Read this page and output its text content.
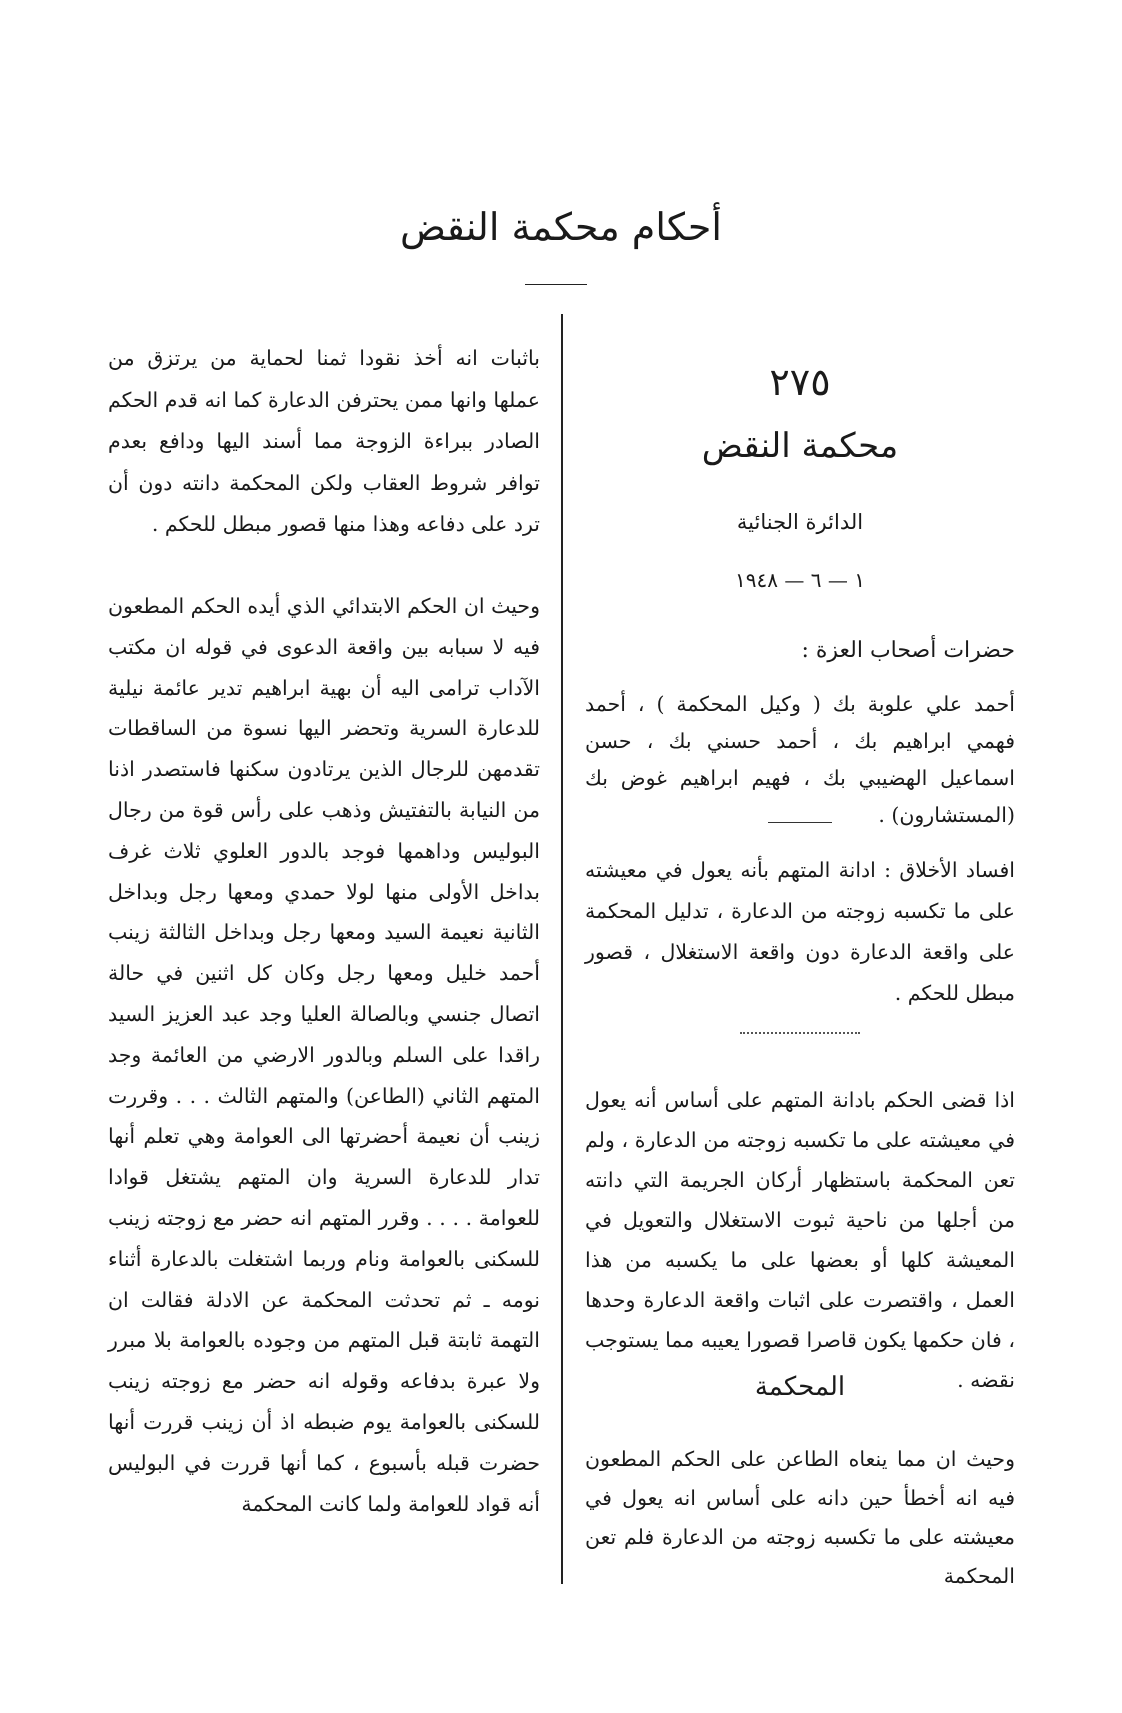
أحكام محكمة النقض
٢٧٥
محكمة النقض
الدائرة الجنائية
١ — ٦ — ١٩٤٨
حضرات أصحاب العزة :
أحمد علي علوبة بك ( وكيل المحكمة ) ، أحمد فهمي ابراهيم بك ، أحمد حسني بك ، حسن اسماعيل الهضيبي بك ، فهيم ابراهيم غوض بك (المستشارون) .
افساد الأخلاق : ادانة المتهم بأنه يعول في معيشته على ما تكسبه زوجته من الدعارة ، تدليل المحكمة على واقعة الدعارة دون واقعة الاستغلال ، قصور مبطل للحكم .
اذا قضى الحكم بادانة المتهم على أساس أنه يعول في معيشته على ما تكسبه زوجته من الدعارة ، ولم تعن المحكمة باستظهار أركان الجريمة التي دانته من أجلها من ناحية ثبوت الاستغلال والتعويل في المعيشة كلها أو بعضها على ما يكسبه من هذا العمل ، واقتصرت على اثبات واقعة الدعارة وحدها ، فان حكمها يكون قاصرا قصورا يعيبه مما يستوجب نقضه .
المحكمة
وحيث ان مما ينعاه الطاعن على الحكم المطعون فيه انه أخطأ حين دانه على أساس انه يعول في معيشته على ما تكسبه زوجته من الدعارة فلم تعن المحكمة
باثبات انه أخذ نقودا ثمنا لحماية من يرتزق من عملها وانها ممن يحترفن الدعارة كما انه قدم الحكم الصادر ببراءة الزوجة مما أسند اليها ودافع بعدم توافر شروط العقاب ولكن المحكمة دانته دون أن ترد على دفاعه وهذا منها قصور مبطل للحكم .
وحيث ان الحكم الابتدائي الذي أيده الحكم المطعون فيه لا سبابه بين واقعة الدعوى في قوله ان مكتب الآداب ترامى اليه أن بهية ابراهيم تدير عائمة نيلية للدعارة السرية وتحضر اليها نسوة من الساقطات تقدمهن للرجال الذين يرتادون سكنها فاستصدر اذنا من النيابة بالتفتيش وذهب على رأس قوة من رجال البوليس وداهمها فوجد بالدور العلوي ثلاث غرف بداخل الأولى منها لولا حمدي ومعها رجل وبداخل الثانية نعيمة السيد ومعها رجل وبداخل الثالثة زينب أحمد خليل ومعها رجل وكان كل اثنين في حالة اتصال جنسي وبالصالة العليا وجد عبد العزيز السيد راقدا على السلم وبالدور الارضي من العائمة وجد المتهم الثاني (الطاعن) والمتهم الثالث . . . وقررت زينب أن نعيمة أحضرتها الى العوامة وهي تعلم أنها تدار للدعارة السرية وان المتهم يشتغل قوادا للعوامة . . . . وقرر المتهم انه حضر مع زوجته زينب للسكنى بالعوامة ونام وربما اشتغلت بالدعارة أثناء نومه ـ ثم تحدثت المحكمة عن الادلة فقالت ان التهمة ثابتة قبل المتهم من وجوده بالعوامة بلا مبرر ولا عبرة بدفاعه وقوله انه حضر مع زوجته زينب للسكنى بالعوامة يوم ضبطه اذ أن زينب قررت أنها حضرت قبله بأسبوع ، كما أنها قررت في البوليس أنه قواد للعوامة ولما كانت المحكمة
